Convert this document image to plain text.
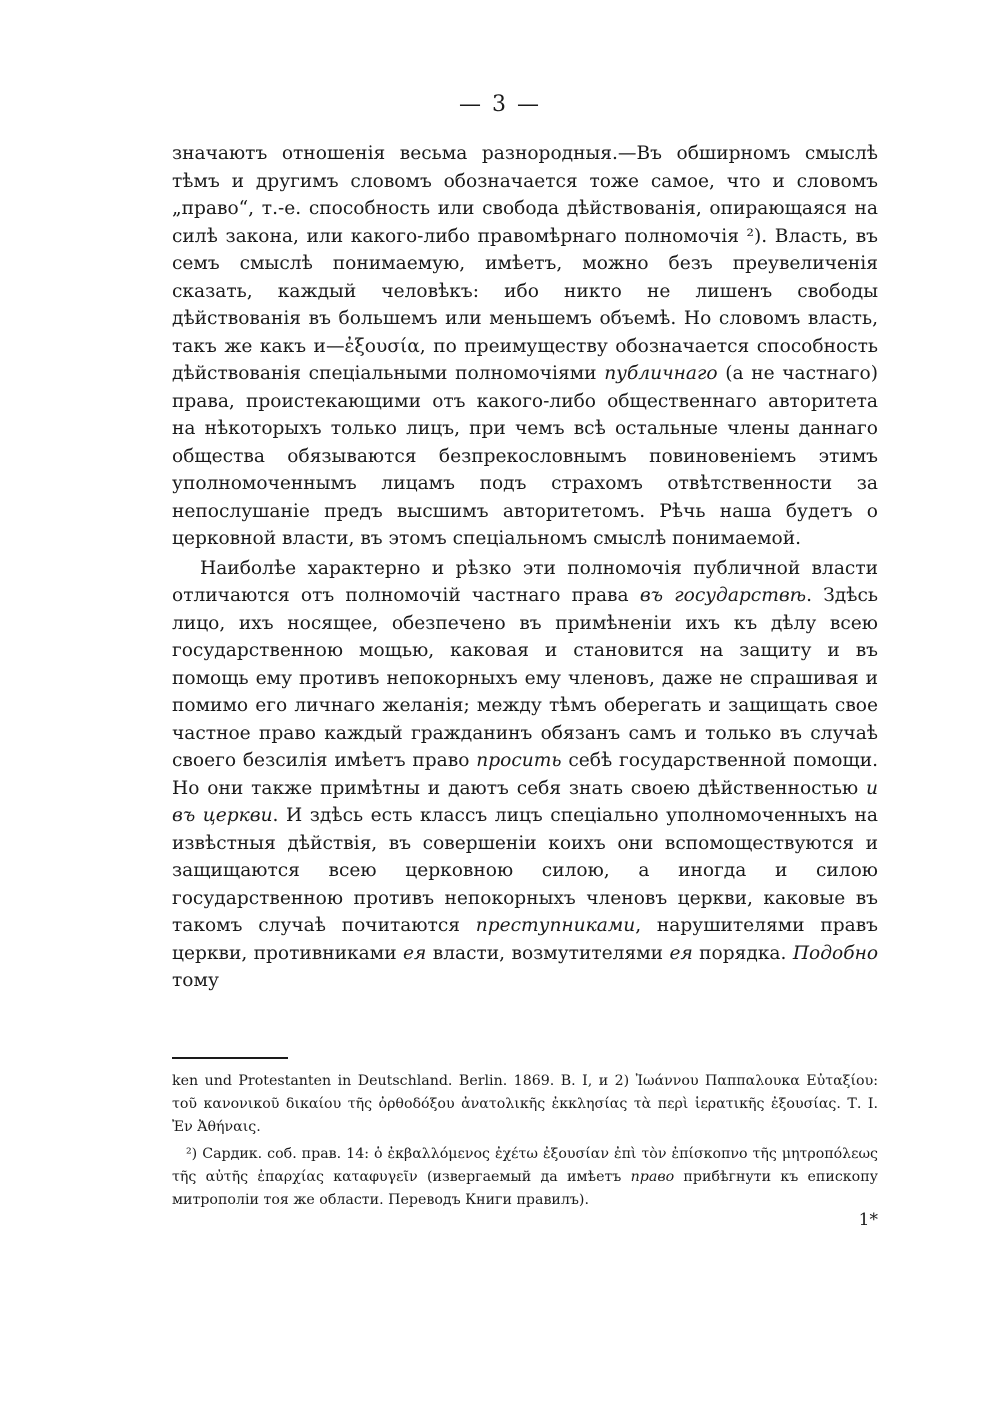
— 3 —

значаютъ отношенія весьма разнородныя.—Въ обширномъ смыслѣ тѣмъ и другимъ словомъ обозначается тоже самое, что и словомъ „право“, т.-е. способность или свобода дѣйствованія, опирающаяся на силѣ закона, или какого-либо правомѣрнаго полномочія ²). Власть, въ семъ смыслѣ понимаемую, имѣетъ, можно безъ преувеличенія сказать, каждый человѣкъ: ибо никто не лишенъ свободы дѣйствованія въ большемъ или меньшемъ объемѣ. Но словомъ власть, такъ же какъ и—ἐξουσία, по преимуществу обозначается способность дѣйствованія спеціальными полномочіями публичнаго (а не частнаго) права, проистекающими отъ какого-либо общественнаго авторитета на нѣкоторыхъ только лицъ, при чемъ всѣ остальные члены даннаго общества обязываются безпрекословнымъ повиновеніемъ этимъ уполномоченнымъ лицамъ подъ страхомъ отвѣтственности за непослушаніе предъ высшимъ авторитетомъ. Рѣчь наша будетъ о церковной власти, въ этомъ спеціальномъ смыслѣ понимаемой.

Наиболѣе характерно и рѣзко эти полномочія публичной власти отличаются отъ полномочій частнаго права въ государствѣ. Здѣсь лицо, ихъ носящее, обезпечено въ примѣненіи ихъ къ дѣлу всею государственною мощью, каковая и становится на защиту и въ помощь ему противъ непокорныхъ ему членовъ, даже не спрашивая и помимо его личнаго желанія; между тѣмъ оберегать и защищать свое частное право каждый гражданинъ обязанъ самъ и только въ случаѣ своего безсилія имѣетъ право просить себѣ государственной помощи. Но они также примѣтны и даютъ себя знать своею дѣйственностью и въ церкви. И здѣсь есть классъ лицъ спеціально уполномоченныхъ на извѣстныя дѣйствія, въ совершеніи коихъ они вспомоществуются и защищаются всею церковною силою, а иногда и силою государственною противъ непокорныхъ членовъ церкви, каковые въ такомъ случаѣ почитаются преступниками, нарушителями правъ церкви, противниками ея власти, возмутителями ея порядка. Подобно тому

ken und Protestanten in Deutschland. Berlin. 1869. B. I, и 2) Ἰωάννου Παππαλουκα Εὐταξίου: τοῦ κανονικοῦ δικαίου τῆς ὀρθοδόξου ἀνατολικῆς ἐκκλησίας τὰ περὶ ἱερατικῆς ἐξουσίας. Τ. Ι. Ἐν Ἀθήναις.

²) Сардик. соб. прав. 14: ὁ ἐκβαλλόμενος ἐχέτω ἐξουσίαν ἐπὶ τὸν ἐπίσκοπνο τῆς μητροπόλεως τῆς αὐτῆς ἐπαρχίας καταφυγεῖν (извергаемый да имѣетъ право прибѣгнути къ епископу митрополіи тоя же области. Переводъ Книги правилъ).

1*
